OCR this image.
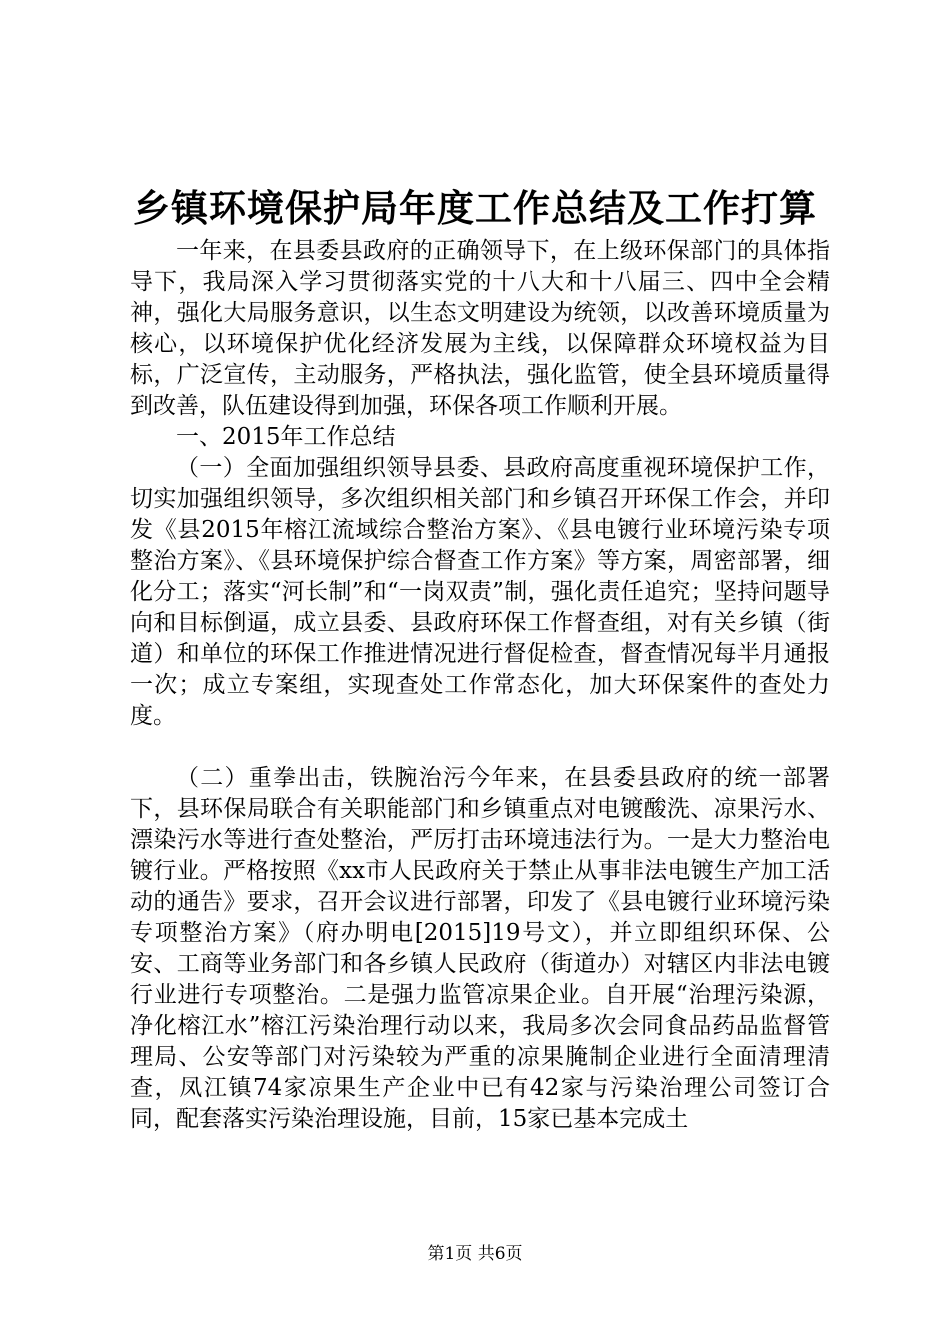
乡镇环境保护局年度工作总结及工作打算

一年来，在县委县政府的正确领导下，在上级环保部门的具体指导下，我局深入学习贯彻落实党的十八大和十八届三、四中全会精神，强化大局服务意识，以生态文明建设为统领，以改善环境质量为核心，以环境保护优化经济发展为主线，以保障群众环境权益为目标，广泛宣传，主动服务，严格执法，强化监管，使全县环境质量得到改善，队伍建设得到加强，环保各项工作顺利开展。

一、2015年工作总结

（一）全面加强组织领导县委、县政府高度重视环境保护工作，切实加强组织领导，多次组织相关部门和乡镇召开环保工作会，并印发《县2015年榕江流域综合整治方案》、《县电镀行业环境污染专项整治方案》、《县环境保护综合督查工作方案》等方案，周密部署，细化分工；落实“河长制”和“一岗双责”制，强化责任追究；坚持问题导向和目标倒逼，成立县委、县政府环保工作督查组，对有关乡镇（街道）和单位的环保工作推进情况进行督促检查，督查情况每半月通报一次；成立专案组，实现查处工作常态化，加大环保案件的查处力度。

（二）重拳出击，铁腕治污今年来，在县委县政府的统一部署下，县环保局联合有关职能部门和乡镇重点对电镀酸洗、凉果污水、漂染污水等进行查处整治，严厉打击环境违法行为。一是大力整治电镀行业。严格按照《xx市人民政府关于禁止从事非法电镀生产加工活动的通告》要求，召开会议进行部署，印发了《县电镀行业环境污染专项整治方案》（府办明电[2015]19号文），并立即组织环保、公安、工商等业务部门和各乡镇人民政府（街道办）对辖区内非法电镀行业进行专项整治。二是强力监管凉果企业。自开展“治理污染源，净化榕江水”榕江污染治理行动以来，我局多次会同食品药品监督管理局、公安等部门对污染较为严重的凉果腌制企业进行全面清理清查，凤江镇74家凉果生产企业中已有42家与污染治理公司签订合同，配套落实污染治理设施，目前，15家已基本完成土

第1页 共6页
